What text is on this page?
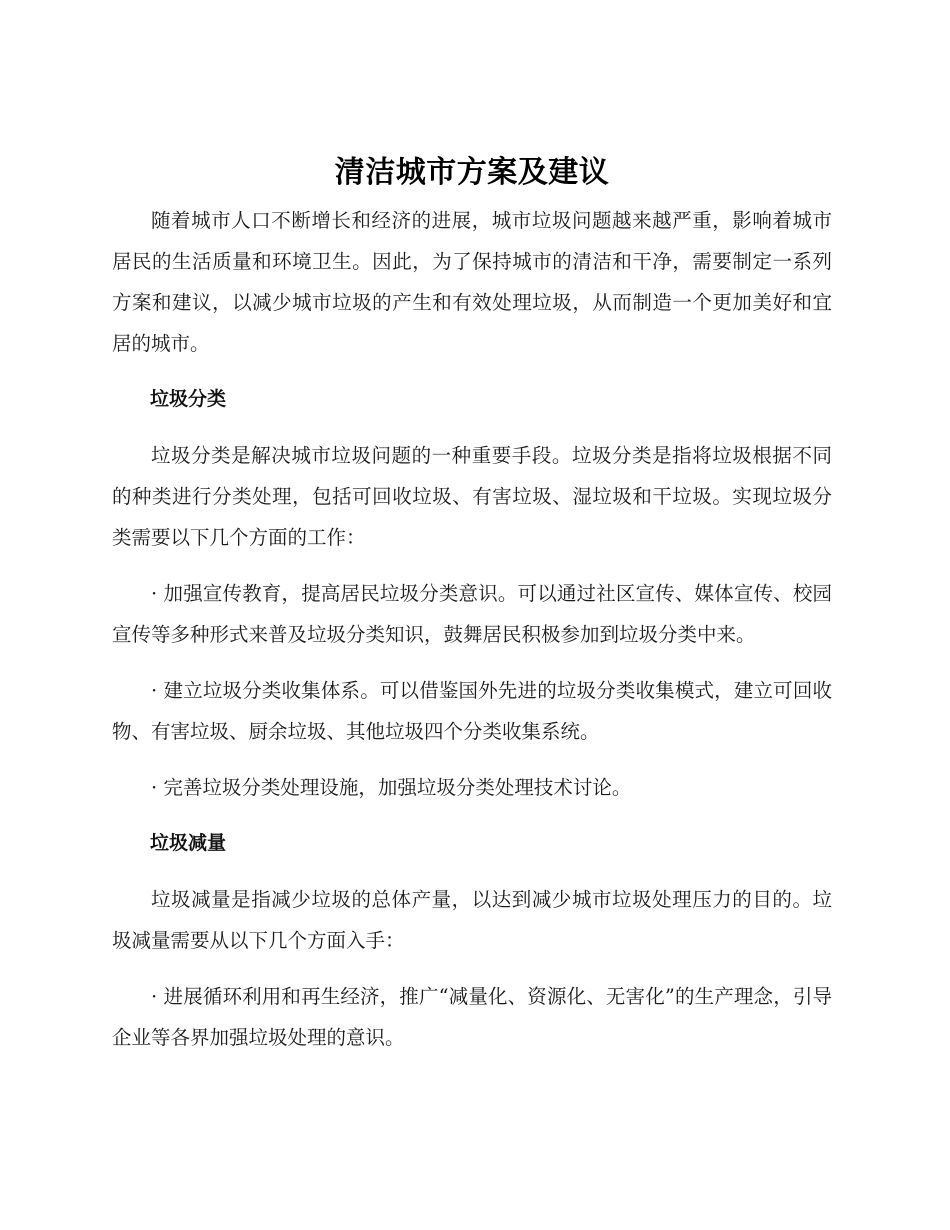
清洁城市方案及建议

随着城市人口不断增长和经济的进展，城市垃圾问题越来越严重，影响着城市居民的生活质量和环境卫生。因此，为了保持城市的清洁和干净，需要制定一系列方案和建议，以减少城市垃圾的产生和有效处理垃圾，从而制造一个更加美好和宜居的城市。

垃圾分类

垃圾分类是解决城市垃圾问题的一种重要手段。垃圾分类是指将垃圾根据不同的种类进行分类处理，包括可回收垃圾、有害垃圾、湿垃圾和干垃圾。实现垃圾分类需要以下几个方面的工作：

· 加强宣传教育，提高居民垃圾分类意识。可以通过社区宣传、媒体宣传、校园宣传等多种形式来普及垃圾分类知识，鼓舞居民积极参加到垃圾分类中来。

· 建立垃圾分类收集体系。可以借鉴国外先进的垃圾分类收集模式，建立可回收物、有害垃圾、厨余垃圾、其他垃圾四个分类收集系统。

· 完善垃圾分类处理设施，加强垃圾分类处理技术讨论。

垃圾减量

垃圾减量是指减少垃圾的总体产量，以达到减少城市垃圾处理压力的目的。垃圾减量需要从以下几个方面入手：

· 进展循环利用和再生经济，推广“减量化、资源化、无害化”的生产理念，引导企业等各界加强垃圾处理的意识。
